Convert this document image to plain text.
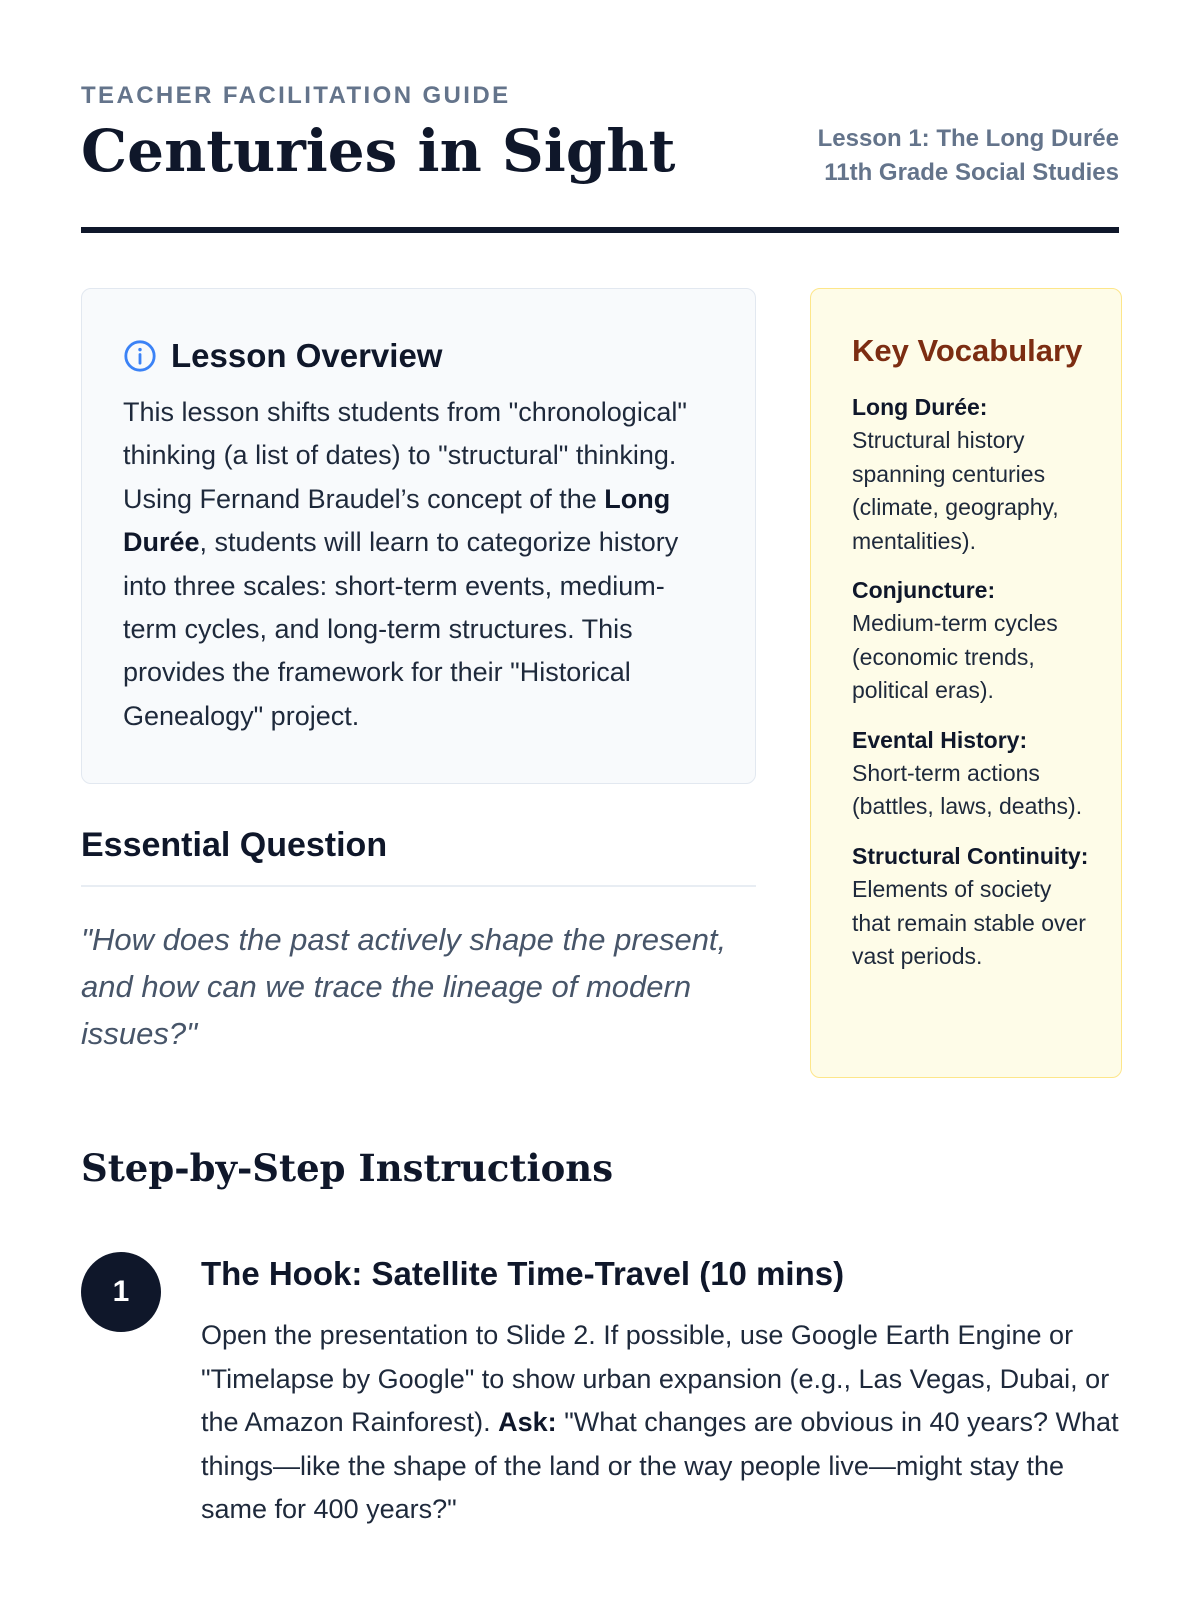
TEACHER FACILITATION GUIDE
Centuries in Sight	Lesson 1: The Long Durée
11th Grade Social Studies
Lesson Overview

This lesson shifts students from "chronological" thinking (a list of dates) to "structural" thinking. Using Fernand Braudel’s concept of the Long Durée, students will learn to categorize history into three scales: short-term events, medium-term cycles, and long-term structures. This provides the framework for their "Historical Genealogy" project.

Essential Question

"How does the past actively shape the present, and how can we trace the lineage of modern issues?"

Key Vocabulary
Long Durée:
Structural history spanning centuries (climate, geography, mentalities).
Conjuncture:
Medium-term cycles (economic trends, political eras).
Evental History:
Short-term actions (battles, laws, deaths).
Structural Continuity:
Elements of society that remain stable over vast periods.
Step-by-Step Instructions
1	The Hook: Satellite Time-Travel (10 mins)

Open the presentation to Slide 2. If possible, use Google Earth Engine or "Timelapse by Google" to show urban expansion (e.g., Las Vegas, Dubai, or the Amazon Rainforest). Ask: "What changes are obvious in 40 years? What things—like the shape of the land or the way people live—might stay the same for 400 years?"
